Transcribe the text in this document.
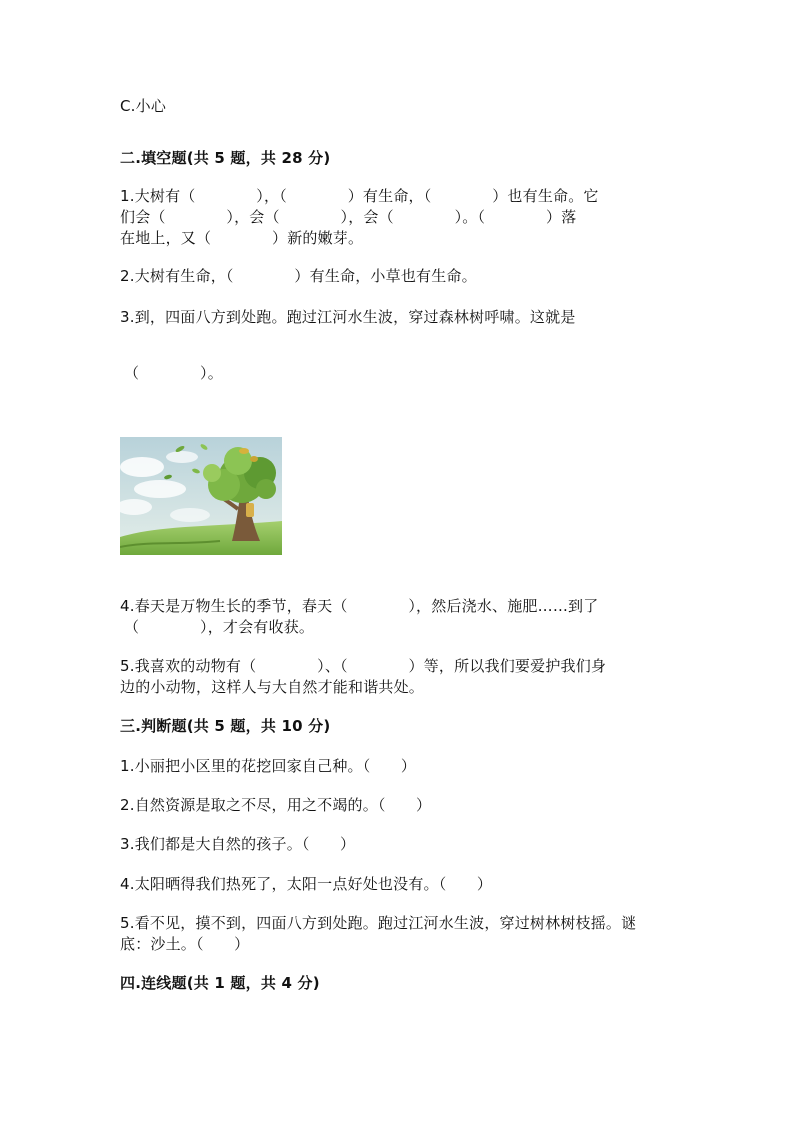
C.小心
二.填空题(共 5 题，共 28 分)
1.大树有（　　　　），（　　　　）有生命，（　　　　）也有生命。它
们会（　　　　），会（　　　　），会（　　　　）。（　　　　）落
在地上，又（　　　　）新的嫩芽。
2.大树有生命，（　　　　）有生命，小草也有生命。
3.到，四面八方到处跑。跑过江河水生波，穿过森林树呼啸。这就是
（　　　　）。
4.春天是万物生长的季节，春天（　　　　），然后浇水、施肥……到了
（　　　　），才会有收获。
5.我喜欢的动物有（　　　　）、（　　　　）等，所以我们要爱护我们身
边的小动物，这样人与大自然才能和谐共处。
三.判断题(共 5 题，共 10 分)
1.小丽把小区里的花挖回家自己种。（　　）
2.自然资源是取之不尽，用之不竭的。（　　）
3.我们都是大自然的孩子。（　　）
4.太阳晒得我们热死了，太阳一点好处也没有。（　　）
5.看不见，摸不到，四面八方到处跑。跑过江河水生波，穿过树林树枝摇。谜
底：沙土。（　　）
四.连线题(共 1 题，共 4 分)
